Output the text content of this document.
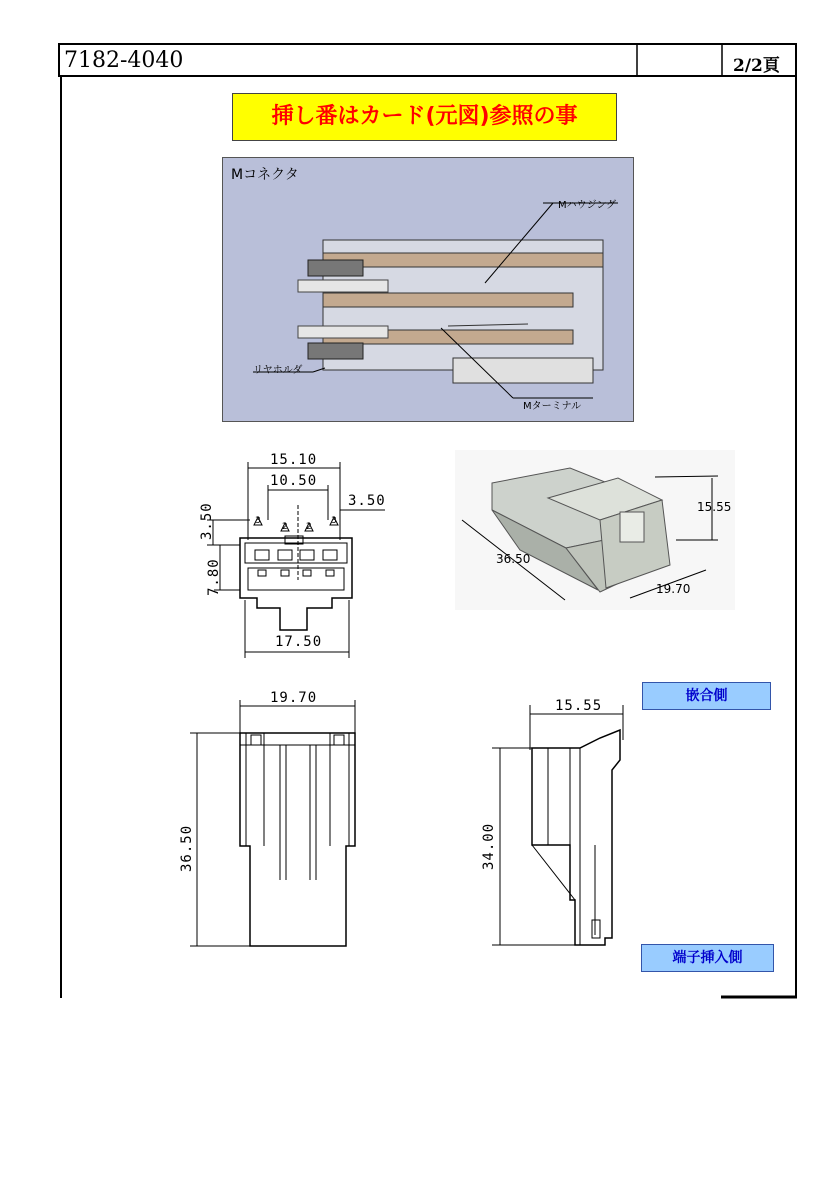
7182-4040	2/2頁
挿し番はカード(元図)参照の事
Mコネクタ
Mハウジング
リヤホルダ
Mターミナル
15.10
10.50
3.50
3.50
7.80
17.50
3
2 2
3
15.55
36.50
19.70
19.70
36.50
15.55
34.00
嵌合側
端子挿入側
